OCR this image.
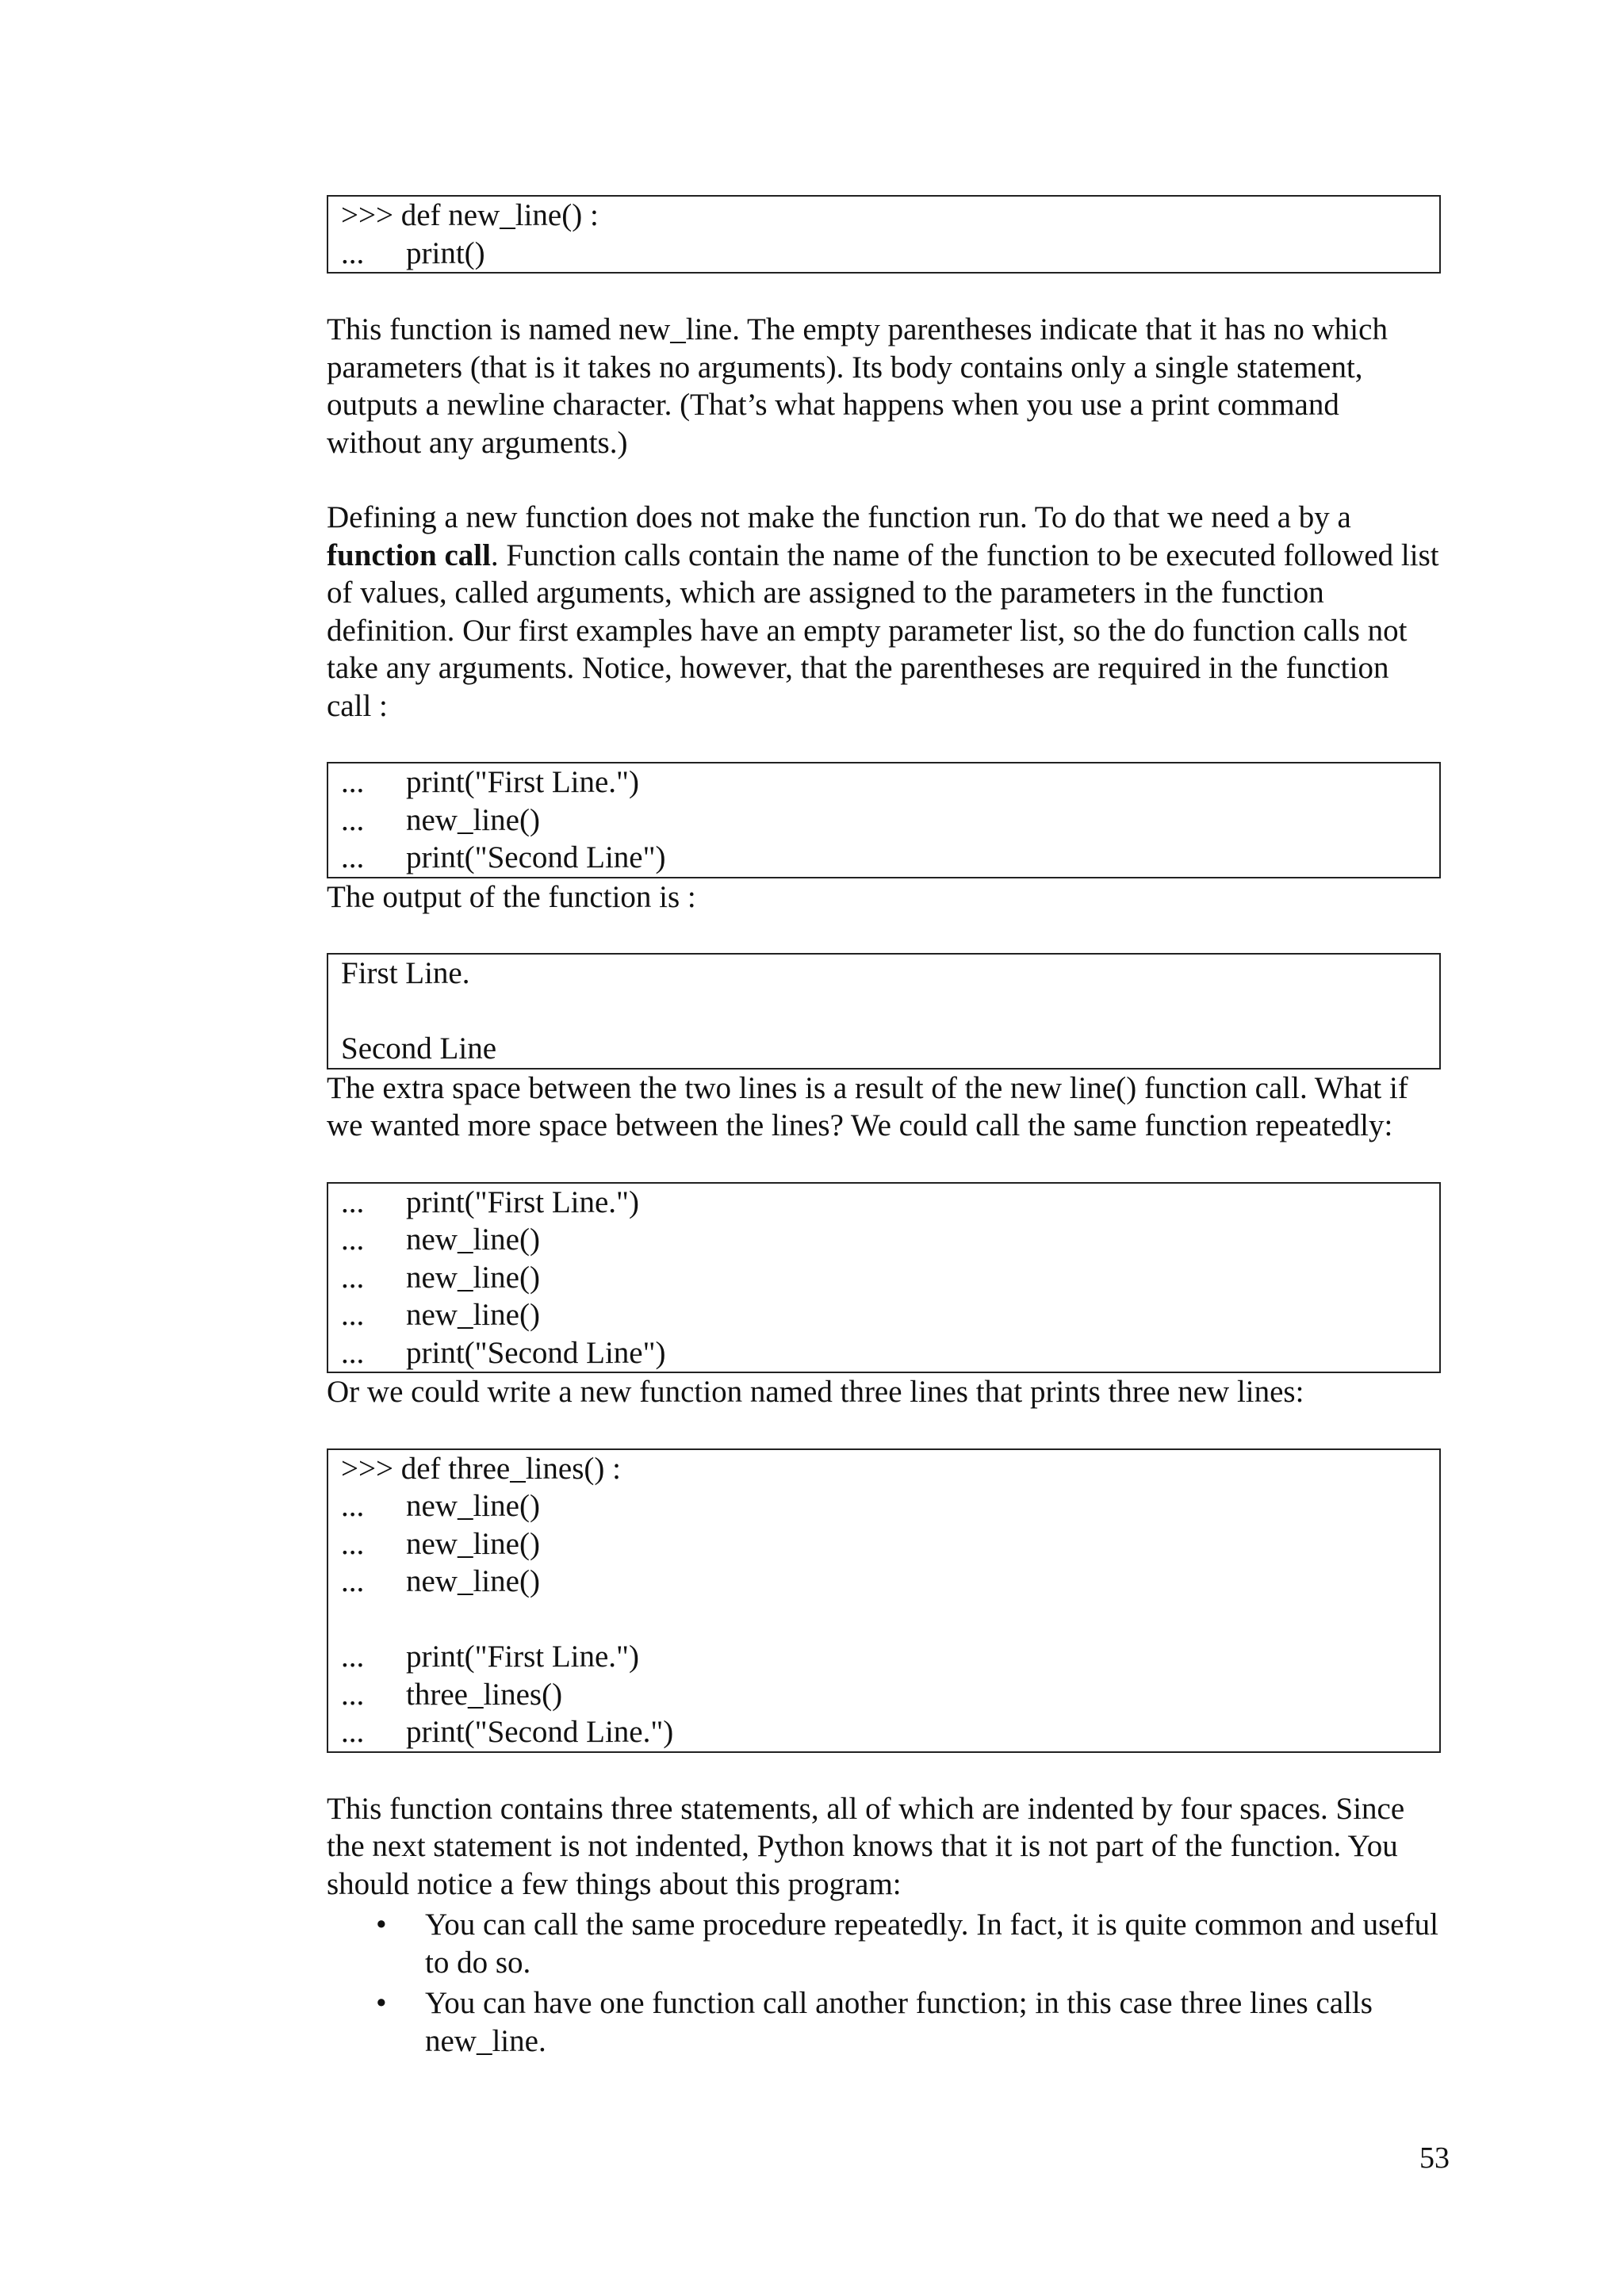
>>> def new_line() :
... print()

This function is named new_line. The empty parentheses indicate that it has no which parameters (that is it takes no arguments). Its body contains only a single statement, outputs a newline character. (That’s what happens when you use a print command without any arguments.)

Defining a new function does not make the function run. To do that we need a by a function call. Function calls contain the name of the function to be executed followed list of values, called arguments, which are assigned to the parameters in the function definition. Our first examples have an empty parameter list, so the do function calls not take any arguments. Notice, however, that the parentheses are required in the function call :

... print("First Line.")
... new_line()
... print("Second Line")

The output of the function is :

First Line.
Second Line

The extra space between the two lines is a result of the new line() function call. What if we wanted more space between the lines? We could call the same function repeatedly:

... print("First Line.")
... new_line()
... new_line()
... new_line()
... print("Second Line")

Or we could write a new function named three lines that prints three new lines:

>>> def three_lines() :
... new_line()
... new_line()
... new_line()
... print("First Line.")
... three_lines()
... print("Second Line.")

This function contains three statements, all of which are indented by four spaces. Since the next statement is not indented, Python knows that it is not part of the function. You should notice a few things about this program:

• You can call the same procedure repeatedly. In fact, it is quite common and useful to do so.
• You can have one function call another function; in this case three lines calls new_line.
53
